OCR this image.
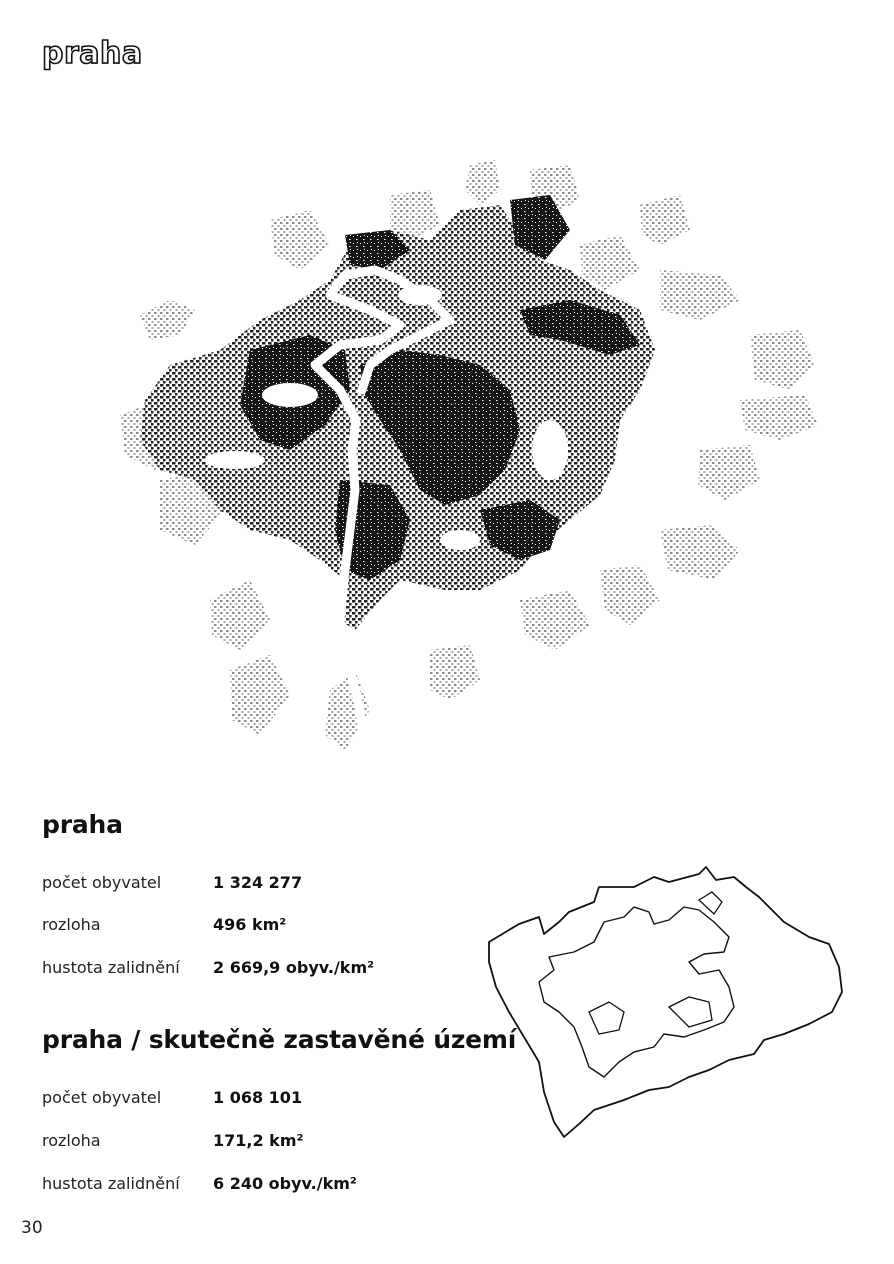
praha
praha
počet obyvatel	1 324 277
rozloha	496 km²
hustota zalidnění 2 669,9 obyv./km²
praha / skutečně zastavěné území
počet obyvatel	1 068 101
rozloha	171,2 km²
hustota zalidnění 6 240 obyv./km²
30
